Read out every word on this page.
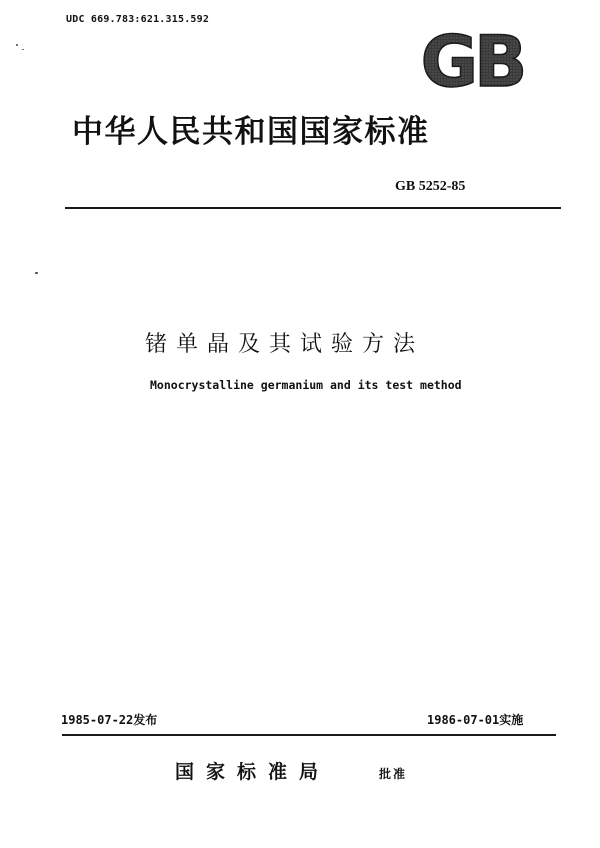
UDC 669.783:621.315.592
GB
中华人民共和国国家标准
GB 5252-85
锗单晶及其试验方法
Monocrystalline germanium and its test method
1985-07-22发布	1986-07-01实施
国家标准局	批准
